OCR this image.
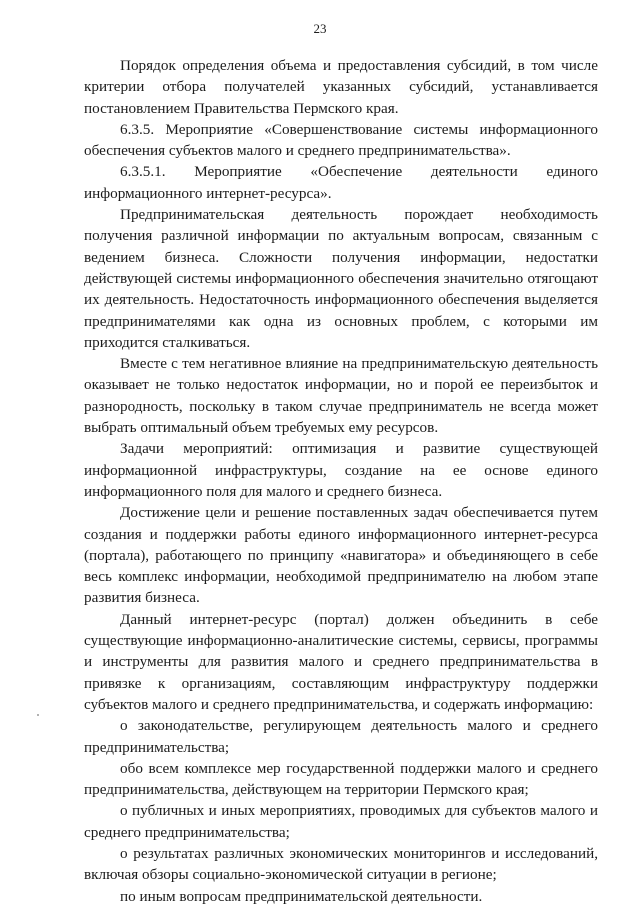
23

Порядок определения объема и предоставления субсидий, в том числе критерии отбора получателей указанных субсидий, устанавливается постановлением Правительства Пермского края.

6.3.5. Мероприятие «Совершенствование системы информационного обеспечения субъектов малого и среднего предпринимательства».

6.3.5.1. Мероприятие «Обеспечение деятельности единого информационного интернет-ресурса».

Предпринимательская деятельность порождает необходимость получения различной информации по актуальным вопросам, связанным с ведением бизнеса. Сложности получения информации, недостатки действующей системы информационного обеспечения значительно отягощают их деятельность. Недостаточность информационного обеспечения выделяется предпринимателями как одна из основных проблем, с которыми им приходится сталкиваться.

Вместе с тем негативное влияние на предпринимательскую деятельность оказывает не только недостаток информации, но и порой ее переизбыток и разнородность, поскольку в таком случае предприниматель не всегда может выбрать оптимальный объем требуемых ему ресурсов.

Задачи мероприятий: оптимизация и развитие существующей информационной инфраструктуры, создание на ее основе единого информационного поля для малого и среднего бизнеса.

Достижение цели и решение поставленных задач обеспечивается путем создания и поддержки работы единого информационного интернет-ресурса (портала), работающего по принципу «навигатора» и объединяющего в себе весь комплекс информации, необходимой предпринимателю на любом этапе развития бизнеса.

Данный интернет-ресурс (портал) должен объединить в себе существующие информационно-аналитические системы, сервисы, программы и инструменты для развития малого и среднего предпринимательства в привязке к организациям, составляющим инфраструктуру поддержки субъектов малого и среднего предпринимательства, и содержать информацию:

о законодательстве, регулирующем деятельность малого и среднего предпринимательства;

обо всем комплексе мер государственной поддержки малого и среднего предпринимательства, действующем на территории Пермского края;

о публичных и иных мероприятиях, проводимых для субъектов малого и среднего предпринимательства;

о результатах различных экономических мониторингов и исследований, включая обзоры социально-экономической ситуации в регионе;

по иным вопросам предпринимательской деятельности.
